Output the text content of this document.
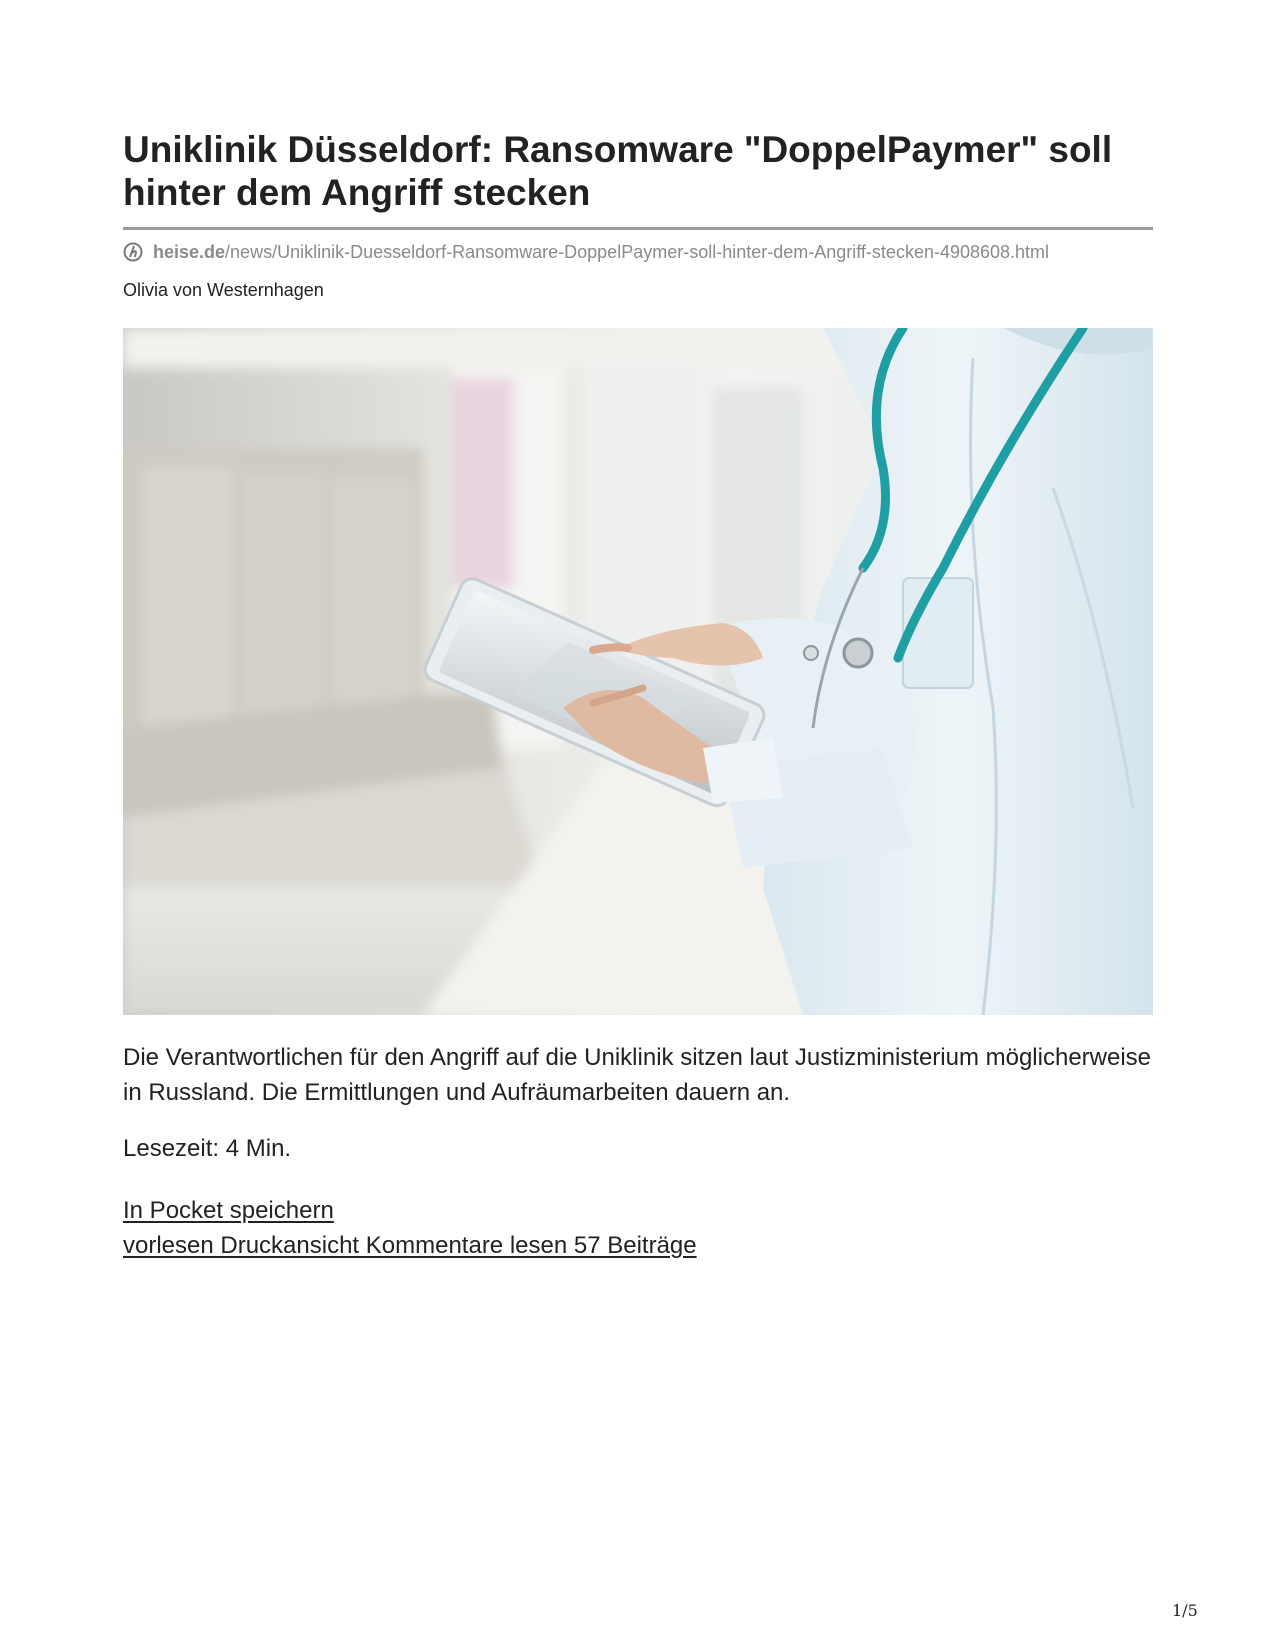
Uniklinik Düsseldorf: Ransomware "DoppelPaymer" soll hinter dem Angriff stecken
heise.de /news/Uniklinik-Duesseldorf-Ransomware-DoppelPaymer-soll-hinter-dem-Angriff-stecken-4908608.html
Olivia von Westernhagen

Die Verantwortlichen für den Angriff auf die Uniklinik sitzen laut Justizministerium möglicherweise in Russland. Die Ermittlungen und Aufräumarbeiten dauern an.

Lesezeit: 4 Min.
In Pocket speichern
vorlesen Druckansicht Kommentare lesen 57 Beiträge
1/5
